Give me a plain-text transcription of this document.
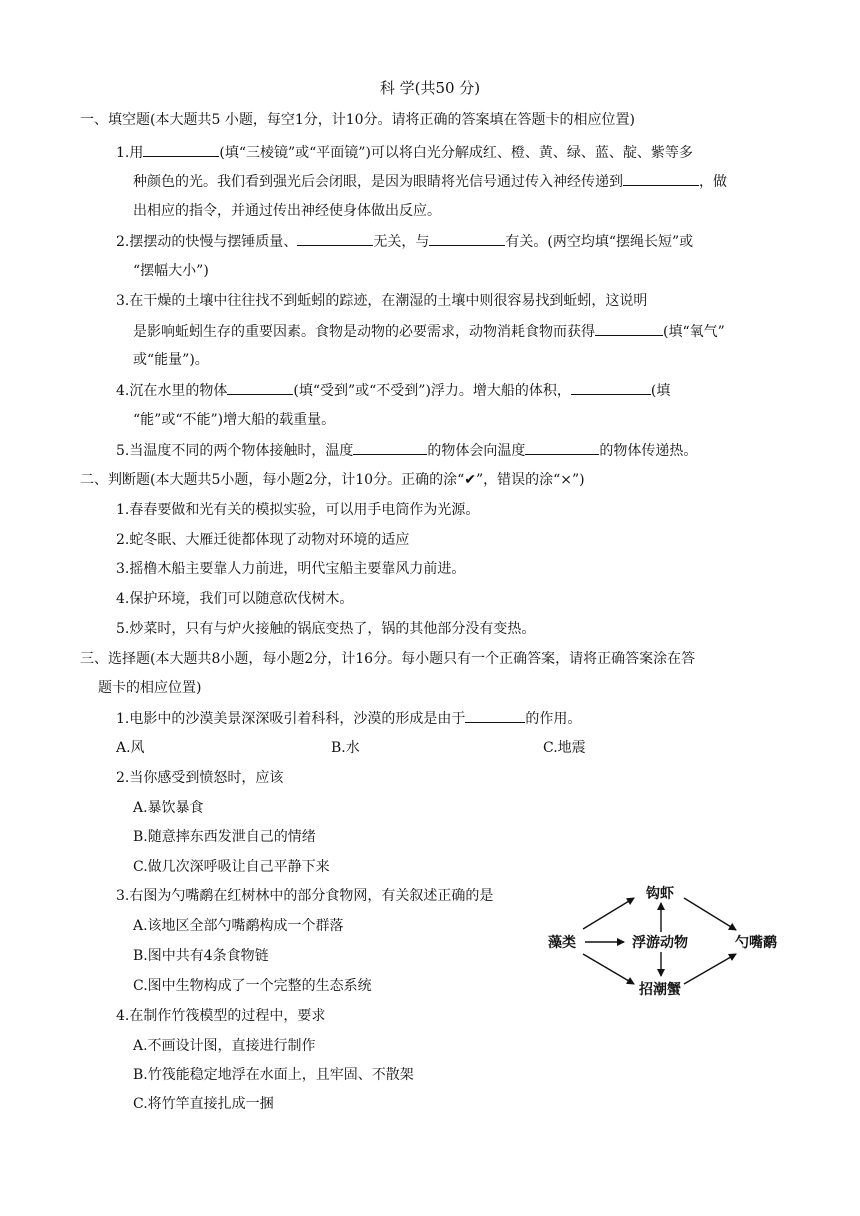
科 学(共50 分)
一、填空题(本大题共5 小题，每空1分，计10分。请将正确的答案填在答题卡的相应位置)
1.用	(填“三棱镜”或“平面镜”)可以将白光分解成红、橙、黄、绿、蓝、靛、紫等多
种颜色的光。我们看到强光后会闭眼，是因为眼睛将光信号通过传入神经传递到	，做
出相应的指令，并通过传出神经使身体做出反应。
2.摆摆动的快慢与摆锤质量、	无关，与	有关。(两空均填“摆绳长短”或
“摆幅大小”)
3.在干燥的土壤中往往找不到蚯蚓的踪迹，在潮湿的土壤中则很容易找到蚯蚓，这说明
是影响蚯蚓生存的重要因素。食物是动物的必要需求，动物消耗食物而获得	(填“氧气”
或“能量”)。
4.沉在水里的物体	(填“受到”或“不受到”)浮力。增大船的体积，	(填
“能”或“不能”)增大船的载重量。
5.当温度不同的两个物体接触时，温度	的物体会向温度	的物体传递热。
二、判断题(本大题共5小题，每小题2分，计10分。正确的涂“✔”，错误的涂“×”)
1.春春要做和光有关的模拟实验，可以用手电筒作为光源。
2.蛇冬眠、大雁迁徙都体现了动物对环境的适应
3.摇橹木船主要靠人力前进，明代宝船主要靠风力前进。
4.保护环境，我们可以随意砍伐树木。
5.炒菜时，只有与炉火接触的锅底变热了，锅的其他部分没有变热。
三、选择题(本大题共8小题，每小题2分，计16分。每小题只有一个正确答案，请将正确答案涂在答
题卡的相应位置)
1.电影中的沙漠美景深深吸引着科科，沙漠的形成是由于	的作用。
A.风	B.水	C.地震
2.当你感受到愤怒时，应该
A.暴饮暴食
B.随意摔东西发泄自己的情绪
C.做几次深呼吸让自己平静下来
3.右图为勺嘴鹬在红树林中的部分食物网，有关叙述正确的是
A.该地区全部勺嘴鹬构成一个群落
B.图中共有4条食物链
C.图中生物构成了一个完整的生态系统
4.在制作竹筏模型的过程中，要求
A.不画设计图，直接进行制作
B.竹筏能稳定地浮在水面上，且牢固、不散架
C.将竹竿直接扎成一捆
藻类	浮游动物
钩虾
招潮蟹
勺嘴鹬
